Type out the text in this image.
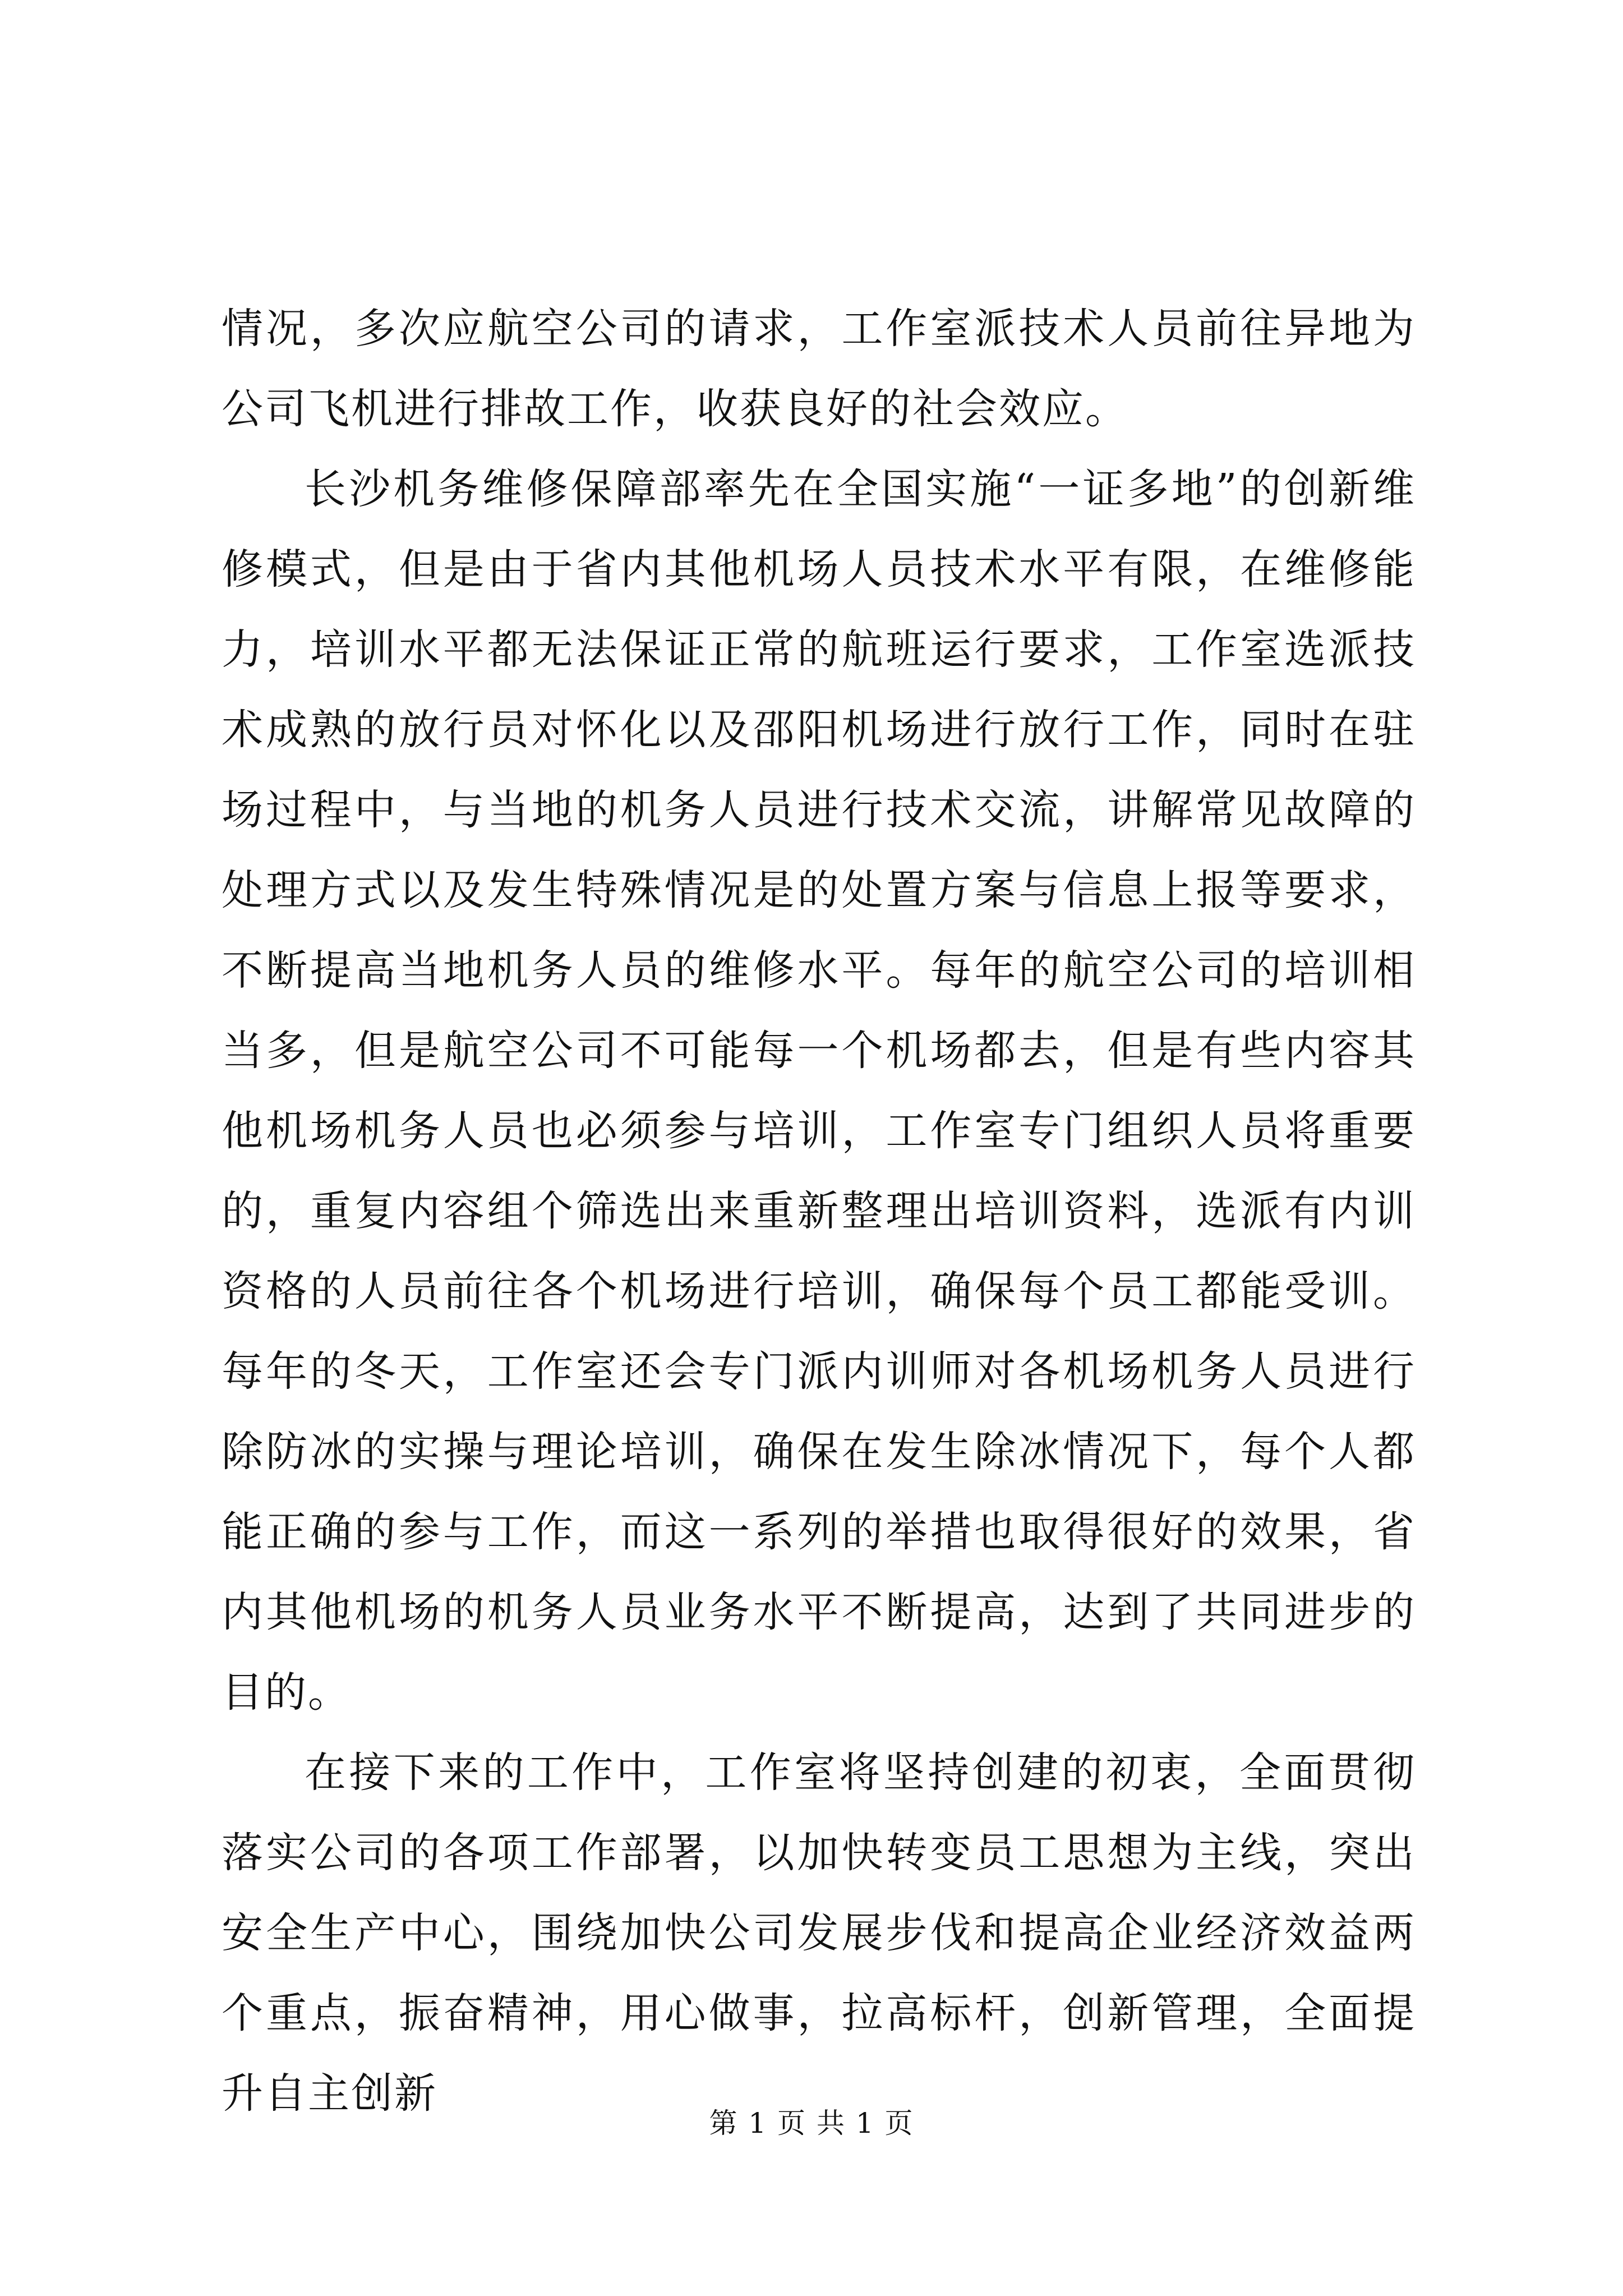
情况，多次应航空公司的请求，工作室派技术人员前往异地为公司飞机进行排故工作，收获良好的社会效应。

长沙机务维修保障部率先在全国实施“一证多地”的创新维修模式，但是由于省内其他机场人员技术水平有限，在维修能力，培训水平都无法保证正常的航班运行要求，工作室选派技术成熟的放行员对怀化以及邵阳机场进行放行工作，同时在驻场过程中，与当地的机务人员进行技术交流，讲解常见故障的处理方式以及发生特殊情况是的处置方案与信息上报等要求，不断提高当地机务人员的维修水平。每年的航空公司的培训相当多，但是航空公司不可能每一个机场都去，但是有些内容其他机场机务人员也必须参与培训，工作室专门组织人员将重要的，重复内容组个筛选出来重新整理出培训资料，选派有内训资格的人员前往各个机场进行培训，确保每个员工都能受训。每年的冬天，工作室还会专门派内训师对各机场机务人员进行除防冰的实操与理论培训，确保在发生除冰情况下，每个人都能正确的参与工作，而这一系列的举措也取得很好的效果，省内其他机场的机务人员业务水平不断提高，达到了共同进步的目的。

在接下来的工作中，工作室将坚持创建的初衷，全面贯彻落实公司的各项工作部署，以加快转变员工思想为主线，突出安全生产中心，围绕加快公司发展步伐和提高企业经济效益两个重点，振奋精神，用心做事，拉高标杆，创新管理，全面提升自主创新

第 1 页 共 1 页
